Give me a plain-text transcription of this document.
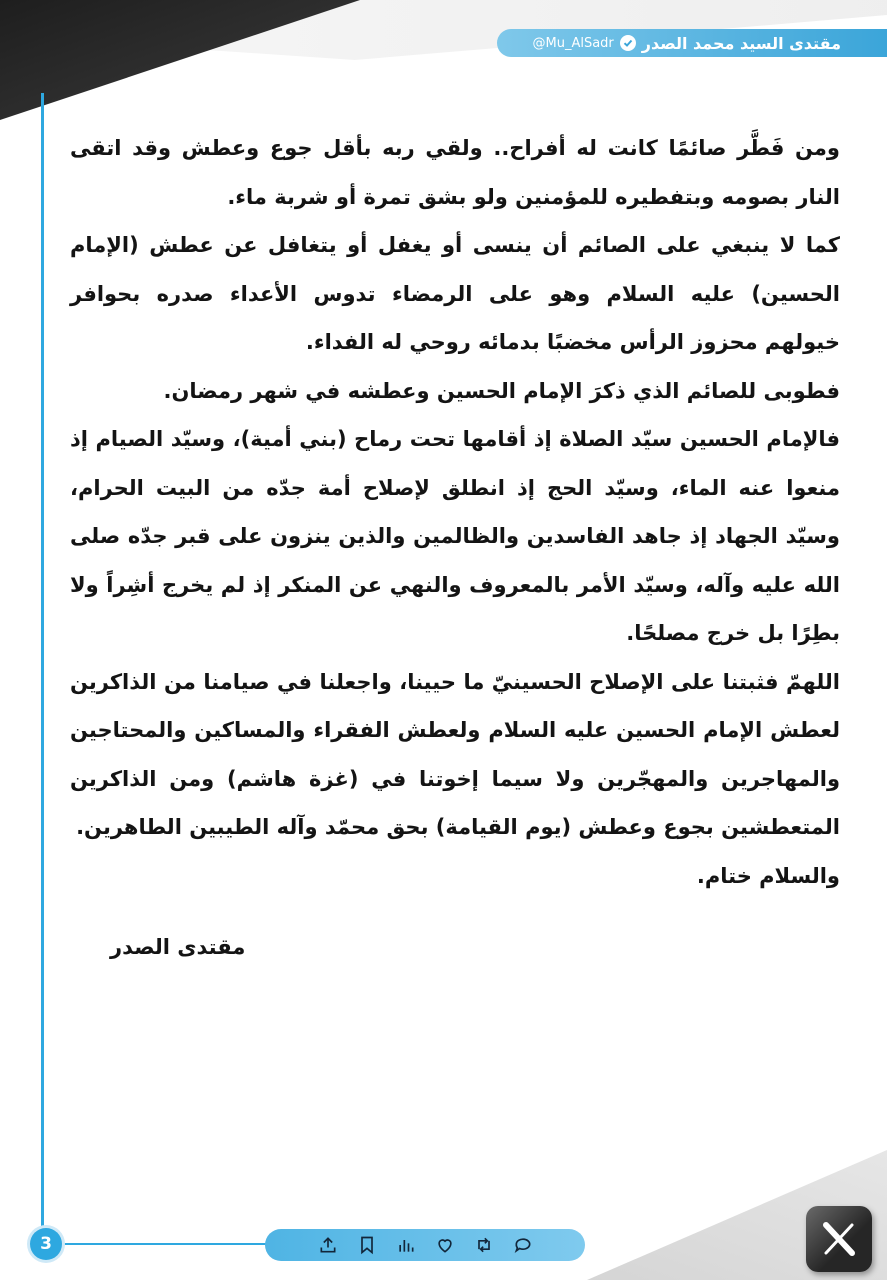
@Mu_AlSadr مقتدى السيد محمد الصدر

ومن فَطَّر صائمًا كانت له أفراح.. ولقي ربه بأقل جوع وعطش وقد اتقى النار بصومه وبتفطيره للمؤمنين ولو بشق تمرة أو شربة ماء.

كما لا ينبغي على الصائم أن ينسى أو يغفل أو يتغافل عن عطش (الإمام الحسين) عليه السلام وهو على الرمضاء تدوس الأعداء صدره بحوافر خيولهم محزوز الرأس مخضبًا بدمائه روحي له الفداء.

فطوبى للصائم الذي ذكرَ الإمام الحسين وعطشه في شهر رمضان.

فالإمام الحسين سيّد الصلاة إذ أقامها تحت رماح (بني أمية)، وسيّد الصيام إذ منعوا عنه الماء، وسيّد الحج إذ انطلق لإصلاح أمة جدّه من البيت الحرام، وسيّد الجهاد إذ جاهد الفاسدين والظالمين والذين ينزون على قبر جدّه صلى الله عليه وآله، وسيّد الأمر بالمعروف والنهي عن المنكر إذ لم يخرج أشِراً ولا بطِرًا بل خرج مصلحًا.

اللهمّ فثبتنا على الإصلاح الحسينيّ ما حيينا، واجعلنا في صيامنا من الذاكرين لعطش الإمام الحسين عليه السلام ولعطش الفقراء والمساكين والمحتاجين والمهاجرين والمهجّرين ولا سيما إخوتنا في (غزة هاشم) ومن الذاكرين المتعطشين بجوع وعطش (يوم القيامة) بحق محمّد وآله الطيبين الطاهرين.

والسلام ختام.

مقتدى الصدر
3
